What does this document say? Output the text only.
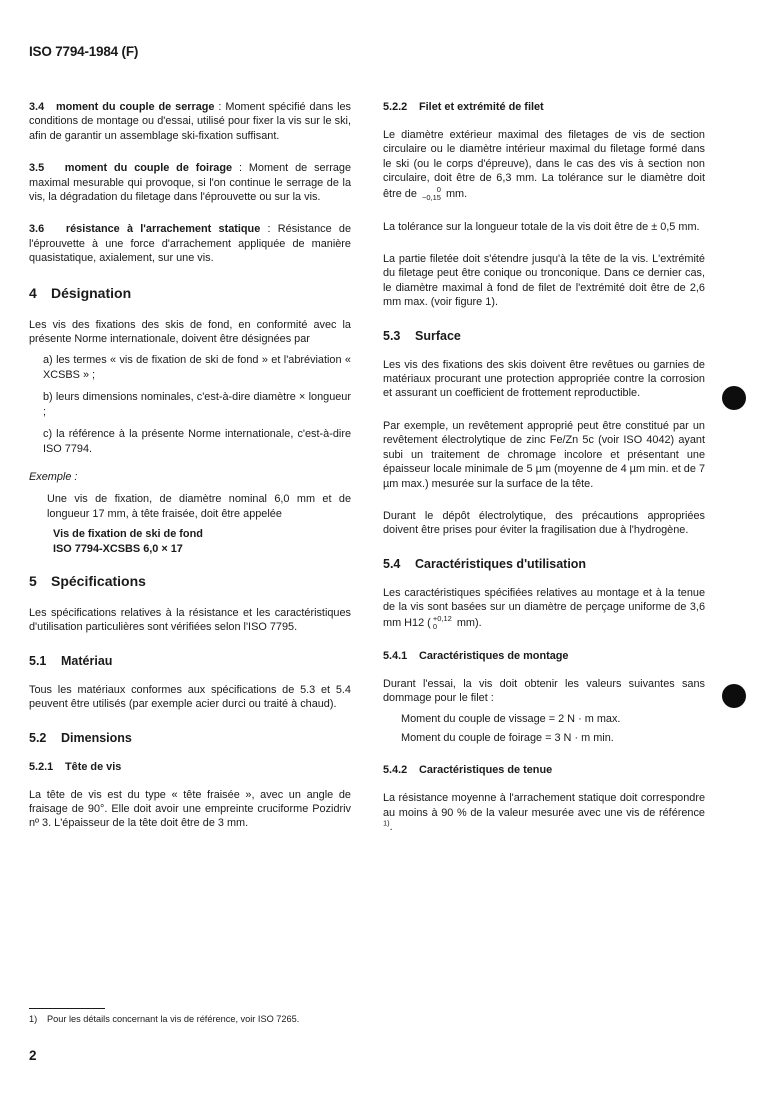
ISO 7794-1984 (F)

3.4 moment du couple de serrage : Moment spécifié dans les conditions de montage ou d'essai, utilisé pour fixer la vis sur le ski, afin de garantir un assemblage ski-fixation suffisant.

3.5 moment du couple de foirage : Moment de serrage maximal mesurable qui provoque, si l'on continue le serrage de la vis, la dégradation du filetage dans l'éprouvette ou sur la vis.

3.6 résistance à l'arrachement statique : Résistance de l'éprouvette à une force d'arrachement appliquée de manière quasistatique, axialement, sur une vis.

4 Désignation

Les vis des fixations des skis de fond, en conformité avec la présente Norme internationale, doivent être désignées par

a) les termes « vis de fixation de ski de fond » et l'abréviation « XCSBS » ;

b) leurs dimensions nominales, c'est-à-dire diamètre × longueur ;

c) la référence à la présente Norme internationale, c'est-à-dire ISO 7794.

Exemple :

Une vis de fixation, de diamètre nominal 6,0 mm et de longueur 17 mm, à tête fraisée, doit être appelée

Vis de fixation de ski de fond
ISO 7794-XCSBS 6,0 × 17
5 Spécifications

Les spécifications relatives à la résistance et les caractéristiques d'utilisation particulières sont vérifiées selon l'ISO 7795.

5.1 Matériau

Tous les matériaux conformes aux spécifications de 5.3 et 5.4 peuvent être utilisés (par exemple acier durci ou traité à chaud).

5.2 Dimensions
5.2.1 Tête de vis

La tête de vis est du type « tête fraisée », avec un angle de fraisage de 90°. Elle doit avoir une empreinte cruciforme Pozidriv nº 3. L'épaisseur de la tête doit être de 3 mm.

5.2.2 Filet et extrémité de filet

Le diamètre extérieur maximal des filetages de vis de section circulaire ou le diamètre intérieur maximal du filetage formé dans le ski (ou le corps d'épreuve), dans le cas des vis à section non circulaire, doit être de 6,3 mm. La tolérance sur le diamètre doit être de	0
−0,15 mm.

La tolérance sur la longueur totale de la vis doit être de ± 0,5 mm.

La partie filetée doit s'étendre jusqu'à la tête de la vis. L'extrémité du filetage peut être conique ou tronconique. Dans ce dernier cas, le diamètre maximal à fond de filet de l'extrémité doit être de 2,6 mm max. (voir figure 1).

5.3 Surface

Les vis des fixations des skis doivent être revêtues ou garnies de matériaux procurant une protection appropriée contre la corrosion et assurant un coefficient de frottement reproductible.

Par exemple, un revêtement approprié peut être constitué par un revêtement électrolytique de zinc Fe/Zn 5c (voir ISO 4042) ayant subi un traitement de chromage incolore et présentant une épaisseur locale minimale de 5 µm (moyenne de 4 µm min. et de 7 µm max.) mesurée sur la surface de la tête.

Durant le dépôt électrolytique, des précautions appropriées doivent être prises pour éviter la fragilisation due à l'hydrogène.

5.4 Caractéristiques d'utilisation

Les caractéristiques spécifiées relatives au montage et à la tenue de la vis sont basées sur un diamètre de perçage uniforme de 3,6 mm H12 ( +0,12
0	mm).

5.4.1 Caractéristiques de montage

Durant l'essai, la vis doit obtenir les valeurs suivantes sans dommage pour le filet :

Moment du couple de vissage = 2 N · m max.

Moment du couple de foirage = 3 N · m min.

5.4.2 Caractéristiques de tenue

La résistance moyenne à l'arrachement statique doit correspondre au moins à 90 % de la valeur mesurée avec une vis de référence $^{1)}$.

1) Pour les détails concernant la vis de référence, voir ISO 7265.
2
